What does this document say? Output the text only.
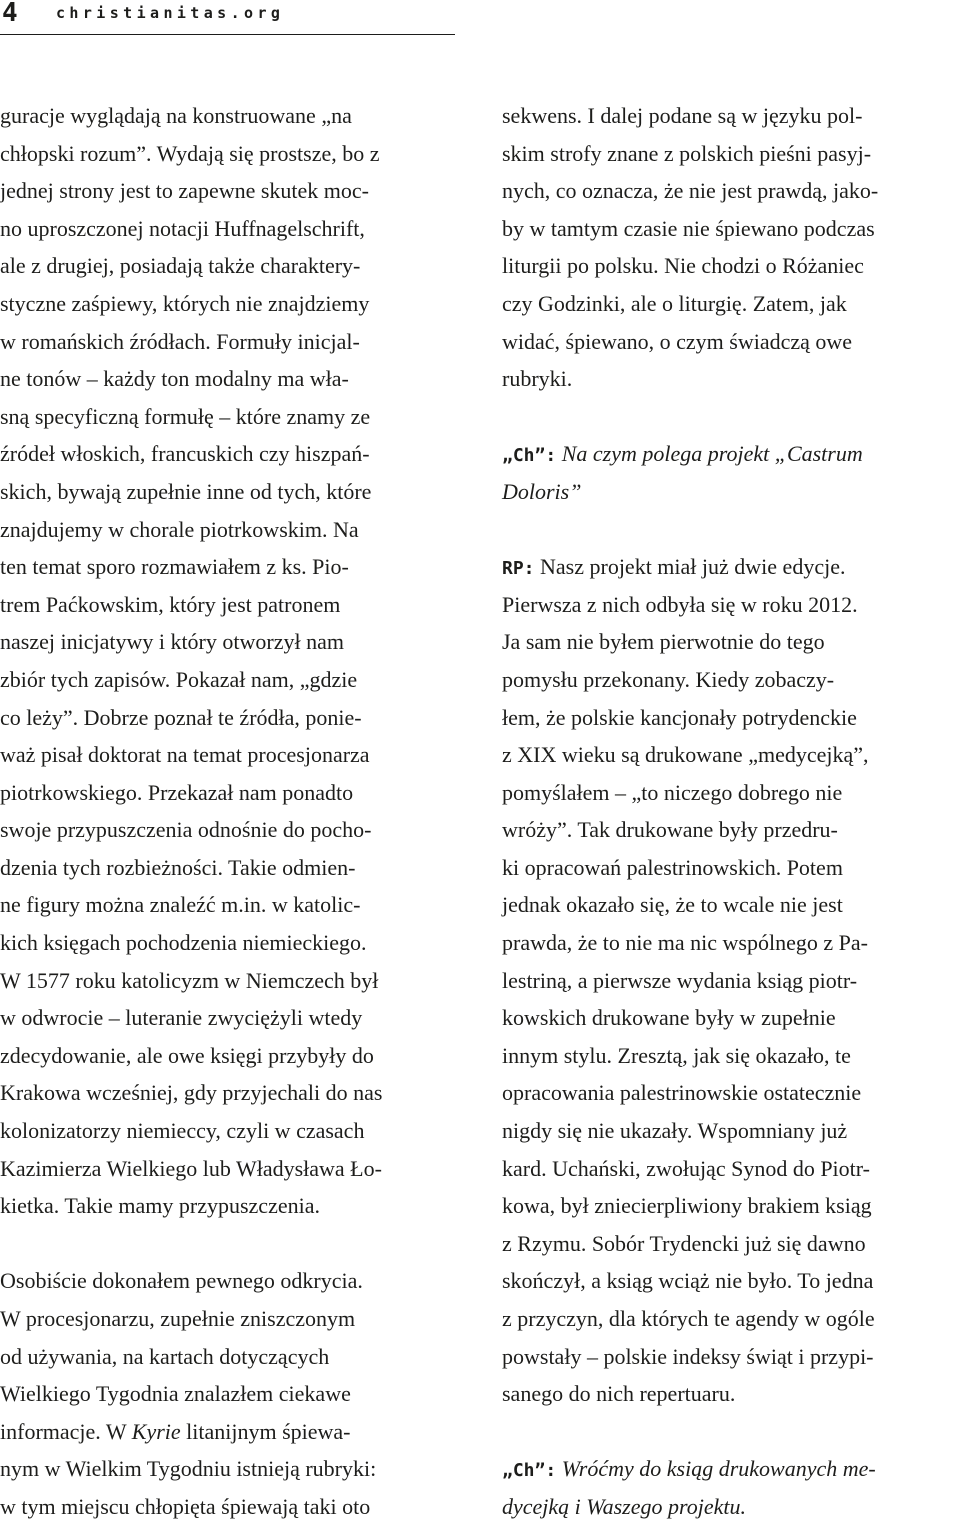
4	christianitas.org
guracje wyglądają na konstruowane „na
chłopski rozum”. Wydają się prostsze, bo z
jednej strony jest to zapewne skutek moc-
no uproszczonej notacji Huffnagelschrift,
ale z drugiej, posiadają także charaktery-
styczne zaśpiewy, których nie znajdziemy
w romańskich źródłach. Formuły inicjal-
ne tonów – każdy ton modalny ma wła-
sną specyficzną formułę – które znamy ze
źródeł włoskich, francuskich czy hiszpań-
skich, bywają zupełnie inne od tych, które
znajdujemy w chorale piotrkowskim. Na
ten temat sporo rozmawiałem z ks. Pio-
trem Paćkowskim, który jest patronem
naszej inicjatywy i który otworzył nam
zbiór tych zapisów. Pokazał nam, „gdzie
co leży”. Dobrze poznał te źródła, ponie-
waż pisał doktorat na temat procesjonarza
piotrkowskiego. Przekazał nam ponadto
swoje przypuszczenia odnośnie do pocho-
dzenia tych rozbieżności. Takie odmien-
ne figury można znaleźć m.in. w katolic-
kich księgach pochodzenia niemieckiego.
W 1577 roku katolicyzm w Niemczech był
w odwrocie – luteranie zwyciężyli wtedy
zdecydowanie, ale owe księgi przybyły do
Krakowa wcześniej, gdy przyjechali do nas
kolonizatorzy niemieccy, czyli w czasach
Kazimierza Wielkiego lub Władysława Ło-
kietka. Takie mamy przypuszczenia.
Osobiście dokonałem pewnego odkrycia.
W procesjonarzu, zupełnie zniszczonym
od używania, na kartach dotyczących
Wielkiego Tygodnia znalazłem ciekawe
informacje. W Kyrie litanijnym śpiewa-
nym w Wielkim Tygodniu istnieją rubryki:
w tym miejscu chłopięta śpiewają taki oto
sekwens. I dalej podane są w języku pol-
skim strofy znane z polskich pieśni pasyj-
nych, co oznacza, że nie jest prawdą, jako-
by w tamtym czasie nie śpiewano podczas
liturgii po polsku. Nie chodzi o Różaniec
czy Godzinki, ale o liturgię. Zatem, jak
widać, śpiewano, o czym świadczą owe
rubryki.
„Ch”: Na czym polega projekt „Castrum
Doloris”
RP: Nasz projekt miał już dwie edycje.
Pierwsza z nich odbyła się w roku 2012.
Ja sam nie byłem pierwotnie do tego
pomysłu przekonany. Kiedy zobaczy-
łem, że polskie kancjonały potrydenckie
z XIX wieku są drukowane „medycejką”,
pomyślałem – „to niczego dobrego nie
wróży”. Tak drukowane były przedru-
ki opracowań palestrinowskich. Potem
jednak okazało się, że to wcale nie jest
prawda, że to nie ma nic wspólnego z Pa-
lestriną, a pierwsze wydania ksiąg piotr-
kowskich drukowane były w zupełnie
innym stylu. Zresztą, jak się okazało, te
opracowania palestrinowskie ostatecznie
nigdy się nie ukazały. Wspomniany już
kard. Uchański, zwołując Synod do Piotr-
kowa, był zniecierpliwiony brakiem ksiąg
z Rzymu. Sobór Trydencki już się dawno
skończył, a ksiąg wciąż nie było. To jedna
z przyczyn, dla których te agendy w ogóle
powstały – polskie indeksy świąt i przypi-
sanego do nich repertuaru.
„Ch”: Wróćmy do ksiąg drukowanych me-
dycejką i Waszego projektu.
